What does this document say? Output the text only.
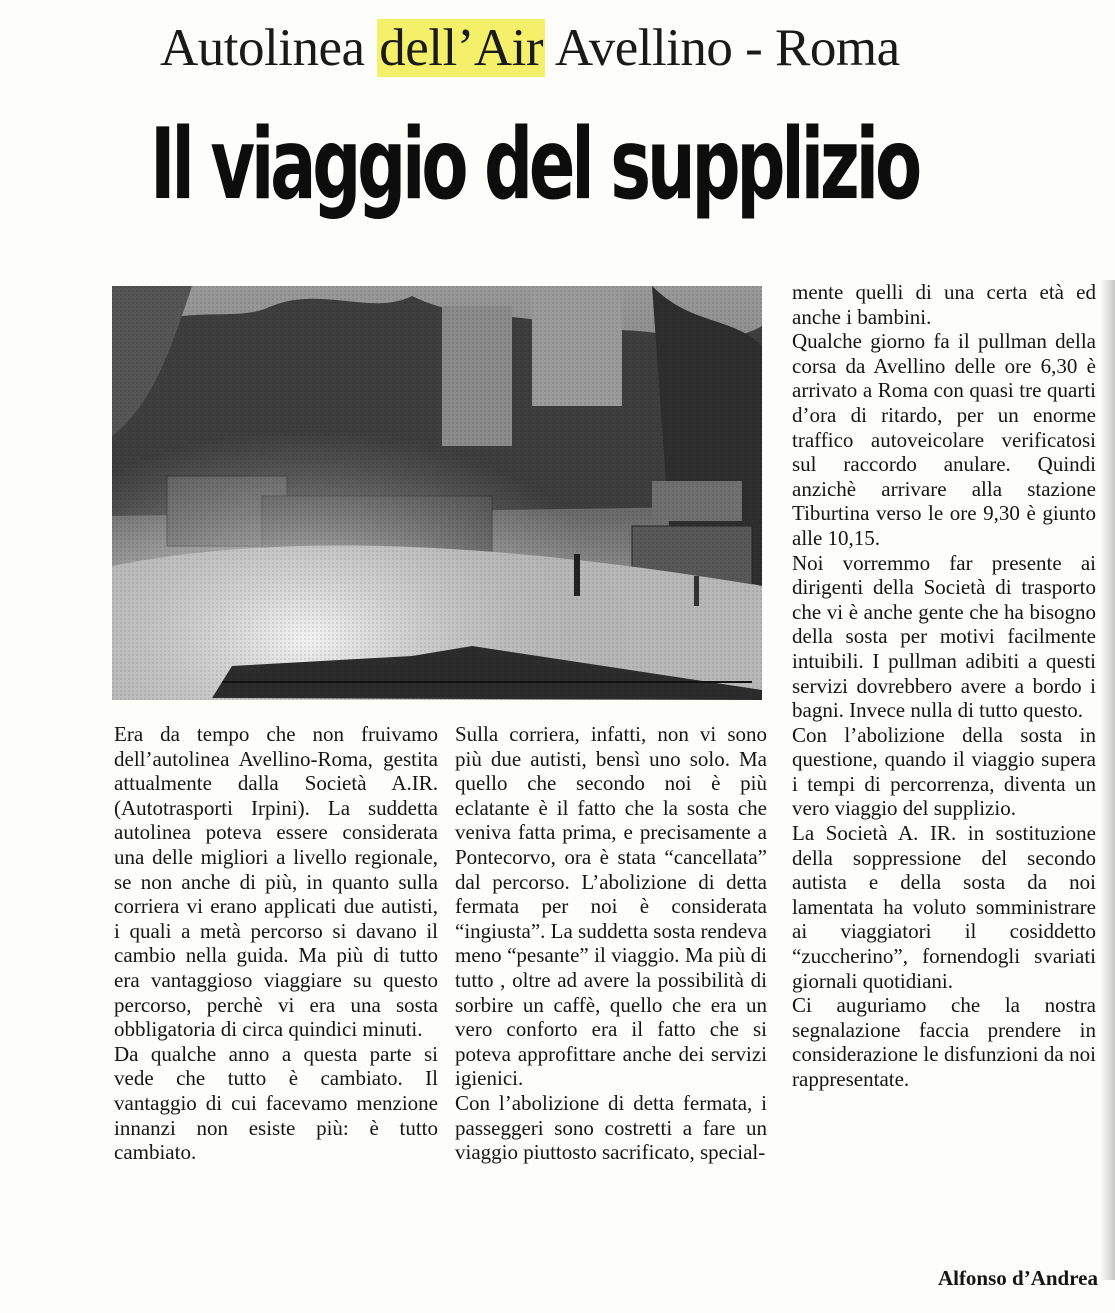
Autolinea dell’Air Avellino - Roma
Il viaggio del supplizio

Era da tempo che non fruivamo dell’autolinea Avellino-Roma, gestita attualmente dalla Società A.IR. (Autotrasporti Irpini). La suddetta autolinea poteva essere considerata una delle migliori a livello regionale, se non anche di più, in quanto sulla corriera vi erano applicati due autisti, i quali a metà percorso si davano il cambio nella guida. Ma più di tutto era vantaggioso viaggiare su questo percorso, perchè vi era una sosta obbligatoria di circa quindici minuti.

Da qualche anno a questa parte si vede che tutto è cambiato. Il vantaggio di cui facevamo menzione innanzi non esiste più: è tutto cambiato.

Sulla corriera, infatti, non vi sono più due autisti, bensì uno solo. Ma quello che secondo noi è più eclatante è il fatto che la sosta che veniva fatta prima, e precisamente a Pontecorvo, ora è stata “cancellata” dal percorso. L’abolizione di detta fermata per noi è considerata “ingiusta”. La suddetta sosta rendeva meno “pesante” il viaggio. Ma più di tutto , oltre ad avere la possibilità di sorbire un caffè, quello che era un vero conforto era il fatto che si poteva approfittare anche dei servizi igienici.

Con l’abolizione di detta fermata, i passeggeri sono costretti a fare un viaggio piuttosto sacrificato, special-

mente quelli di una certa età ed anche i bambini.

Qualche giorno fa il pullman della corsa da Avellino delle ore 6,30 è arrivato a Roma con quasi tre quarti d’ora di ritardo, per un enorme traffico autoveicolare verificatosi sul raccordo anulare. Quindi anzichè arrivare alla stazione Tiburtina verso le ore 9,30 è giunto alle 10,15.

Noi vorremmo far presente ai dirigenti della Società di trasporto che vi è anche gente che ha bisogno della sosta per motivi facilmente intuibili. I pullman adibiti a questi servizi dovrebbero avere a bordo i bagni. Invece nulla di tutto questo.

Con l’abolizione della sosta in questione, quando il viaggio supera i tempi di percorrenza, diventa un vero viaggio del supplizio.

La Società A. IR. in sostituzione della soppressione del secondo autista e della sosta da noi lamentata ha voluto somministrare ai viaggiatori il cosiddetto “zuccherino”, fornendogli svariati giornali quotidiani.

Ci auguriamo che la nostra segnalazione faccia prendere in considerazione le disfunzioni da noi rappresentate.

Alfonso d’Andrea
